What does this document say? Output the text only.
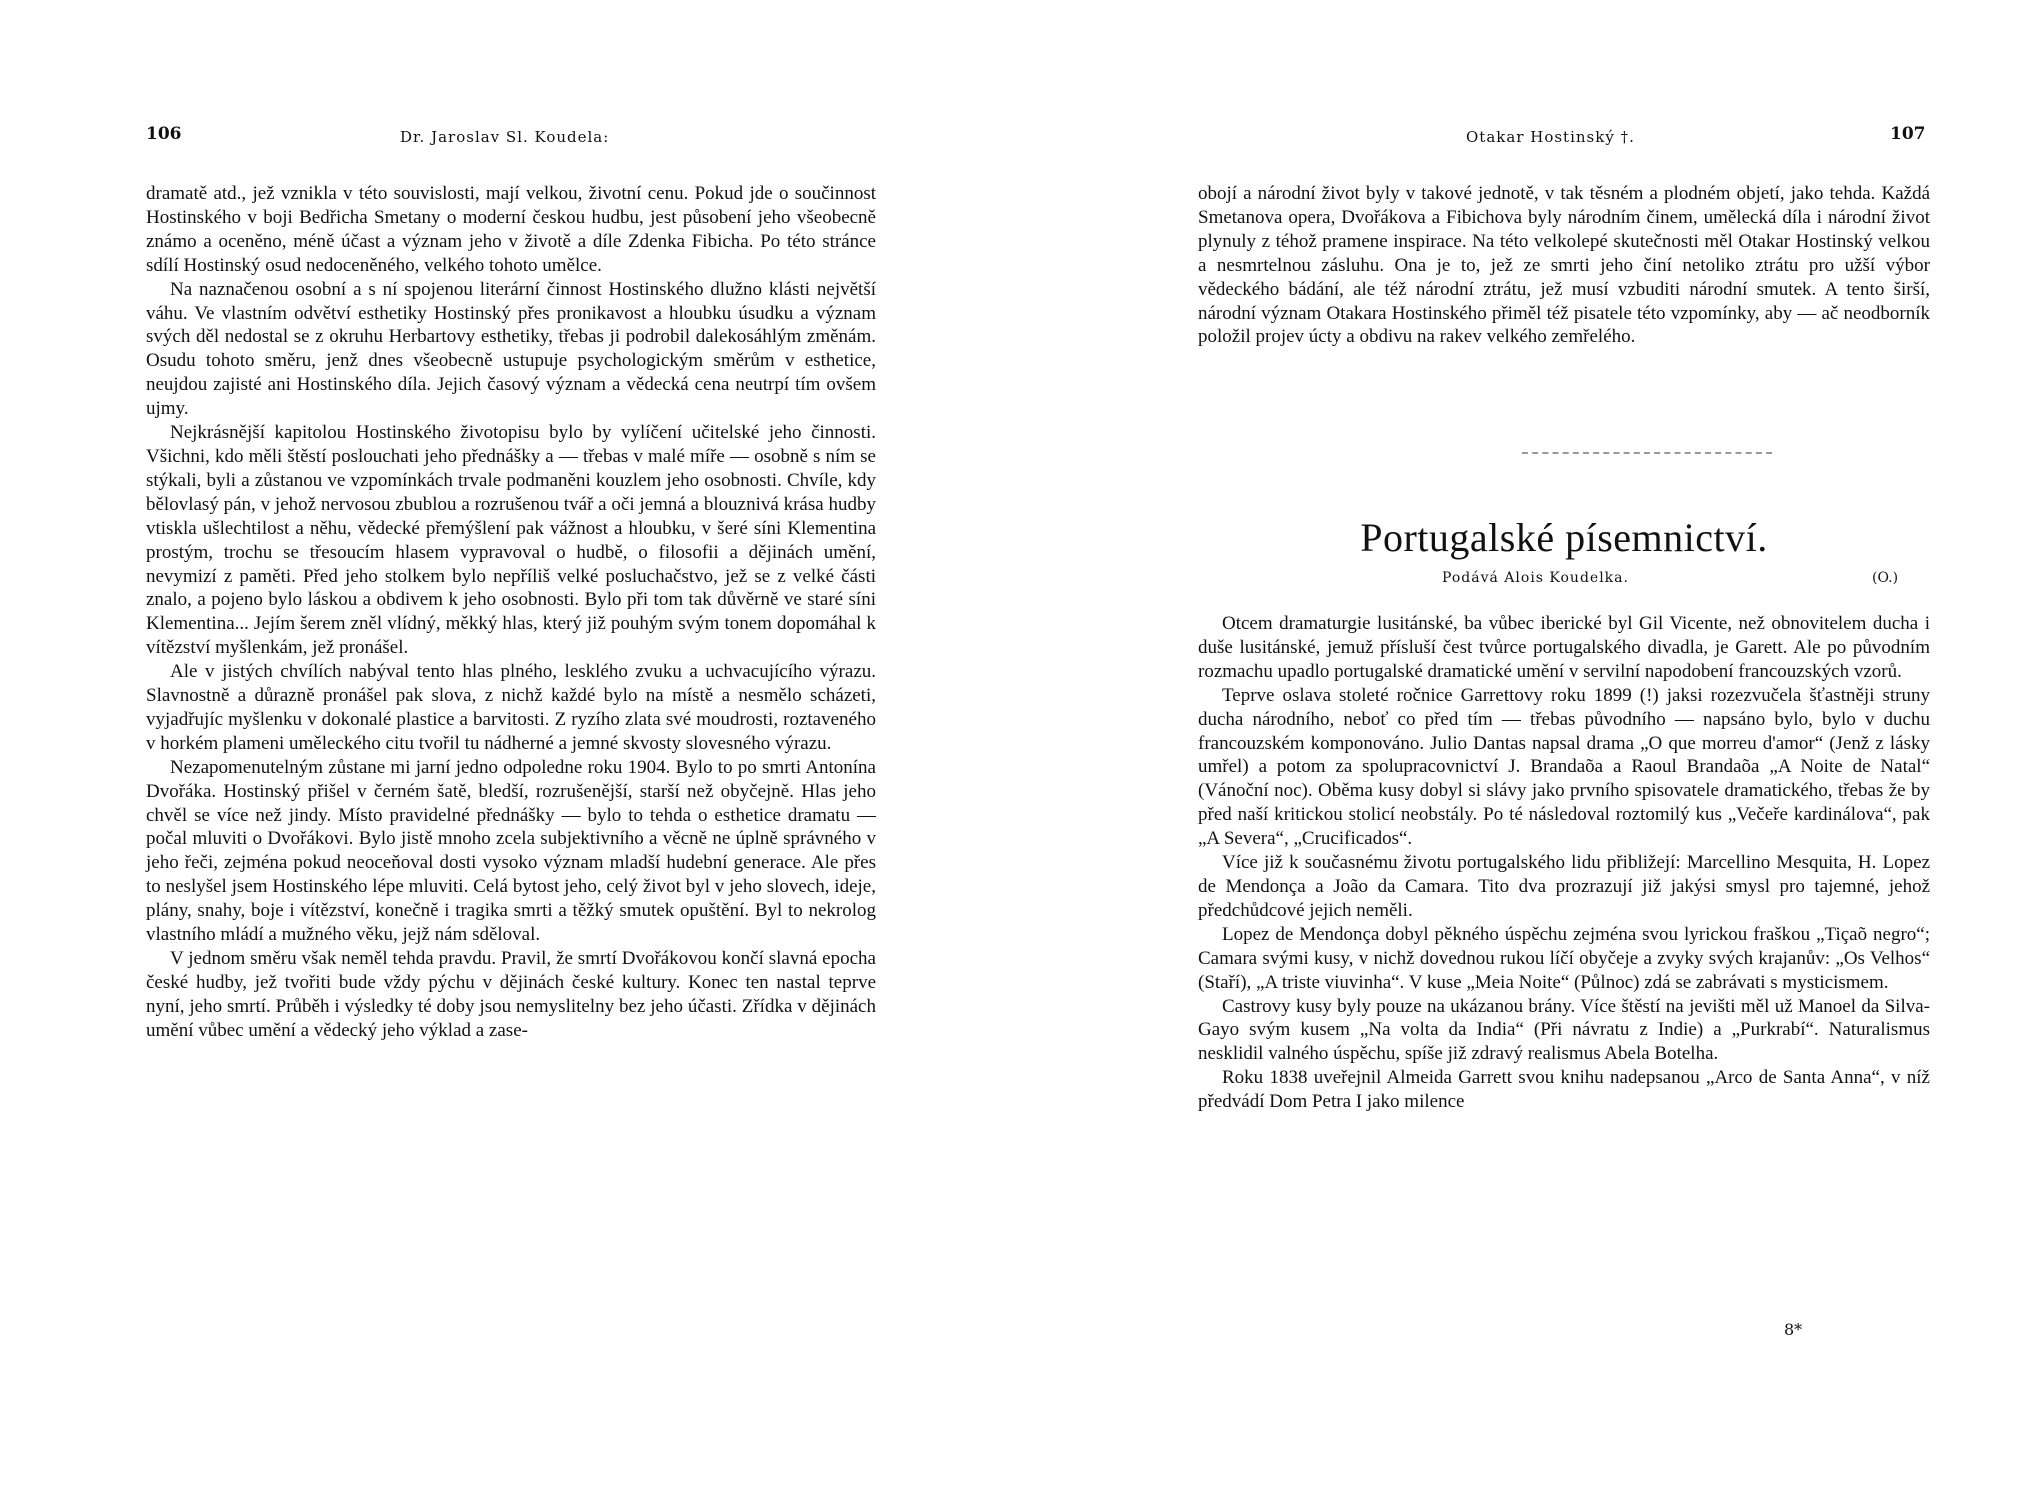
106	Dr. Jaroslav Sl. Koudela:

dramatě atd., jež vznikla v této souvislosti, mají velkou, životní cenu. Pokud jde o součinnost Hostinského v boji Bedřicha Smetany o moderní českou hudbu, jest působení jeho všeobecně známo a oceněno, méně účast a význam jeho v životě a díle Zdenka Fibicha. Po této stránce sdílí Hostinský osud nedoceněného, velkého tohoto umělce.

Na naznačenou osobní a s ní spojenou literární činnost Hostinského dlužno klásti největší váhu. Ve vlastním odvětví esthetiky Hostinský přes pronikavost a hloubku úsudku a význam svých děl nedostal se z okruhu Herbartovy esthetiky, třebas ji podrobil dalekosáhlým změnám. Osudu tohoto směru, jenž dnes všeobecně ustupuje psychologickým směrům v esthetice, neujdou zajisté ani Hostinského díla. Jejich časový význam a vědecká cena neutrpí tím ovšem ujmy.

Nejkrásnější kapitolou Hostinského životopisu bylo by vylíčení učitelské jeho činnosti. Všichni, kdo měli štěstí poslouchati jeho přednášky a — třebas v malé míře — osobně s ním se stýkali, byli a zůstanou ve vzpomínkách trvale podmaněni kouzlem jeho osobnosti. Chvíle, kdy bělovlasý pán, v jehož nervosou zbublou a rozrušenou tvář a oči jemná a blouznivá krása hudby vtiskla ušlechtilost a něhu, vědecké přemýšlení pak vážnost a hloubku, v šeré síni Klementina prostým, trochu se třesoucím hlasem vypravoval o hudbě, o filosofii a dějinách umění, nevymizí z paměti. Před jeho stolkem bylo nepříliš velké posluchačstvo, jež se z velké části znalo, a pojeno bylo láskou a obdivem k jeho osobnosti. Bylo při tom tak důvěrně ve staré síni Klementina... Jejím šerem zněl vlídný, měkký hlas, který již pouhým svým tonem dopomáhal k vítězství myšlenkám, jež pronášel.

Ale v jistých chvílích nabýval tento hlas plného, lesklého zvuku a uchvacujícího výrazu. Slavnostně a důrazně pronášel pak slova, z nichž každé bylo na místě a nesmělo scházeti, vyjadřujíc myšlenku v dokonalé plastice a barvitosti. Z ryzího zlata své moudrosti, roztaveného v horkém plameni uměleckého citu tvořil tu nádherné a jemné skvosty slovesného výrazu.

Nezapomenutelným zůstane mi jarní jedno odpoledne roku 1904. Bylo to po smrti Antonína Dvořáka. Hostinský přišel v černém šatě, bledší, rozrušenější, starší než obyčejně. Hlas jeho chvěl se více než jindy. Místo pravidelné přednášky — bylo to tehda o esthetice dramatu — počal mluviti o Dvořákovi. Bylo jistě mnoho zcela subjektivního a věcně ne úplně správného v jeho řeči, zejména pokud neoceňoval dosti vysoko význam mladší hudební generace. Ale přes to neslyšel jsem Hostinského lépe mluviti. Celá bytost jeho, celý život byl v jeho slovech, ideje, plány, snahy, boje i vítězství, konečně i tragika smrti a těžký smutek opuštění. Byl to nekrolog vlastního mládí a mužného věku, jejž nám sděloval.

V jednom směru však neměl tehda pravdu. Pravil, že smrtí Dvořákovou končí slavná epocha české hudby, jež tvořiti bude vždy pýchu v dějinách české kultury. Konec ten nastal teprve nyní, jeho smrtí. Průběh i výsledky té doby jsou nemyslitelny bez jeho účasti. Zřídka v dějinách umění vůbec umění a vědecký jeho výklad a zase-

Otakar Hostinský †.	107

obojí a národní život byly v takové jednotě, v tak těsném a plodném objetí, jako tehda. Každá Smetanova opera, Dvořákova a Fibichova byly národním činem, umělecká díla i národní život plynuly z téhož pramene inspirace. Na této velkolepé skutečnosti měl Otakar Hostinský velkou a nesmrtelnou zásluhu. Ona je to, jež ze smrti jeho činí netoliko ztrátu pro užší výbor vědeckého bádání, ale též národní ztrátu, jež musí vzbuditi národní smutek. A tento širší, národní význam Otakara Hostinského přiměl též pisatele této vzpomínky, aby — ač neodborník položil projev úcty a obdivu na rakev velkého zemřelého.

Portugalské písemnictví.
Podává Alois Koudelka.	(O.)

Otcem dramaturgie lusitánské, ba vůbec iberické byl Gil Vicente, než obnovitelem ducha i duše lusitánské, jemuž přísluší čest tvůrce portugalského divadla, je Garett. Ale po původním rozmachu upadlo portugalské dramatické umění v servilní napodobení francouzských vzorů.

Teprve oslava stoleté ročnice Garrettovy roku 1899 (!) jaksi rozezvučela šťastněji struny ducha národního, neboť co před tím — třebas původního — napsáno bylo, bylo v duchu francouzském komponováno. Julio Dantas napsal drama „O que morreu d'amor“ (Jenž z lásky umřel) a potom za spolupracovnictví J. Brandaõa a Raoul Brandaõa „A Noite de Natal“ (Vánoční noc). Oběma kusy dobyl si slávy jako prvního spisovatele dramatického, třebas že by před naší kritickou stolicí neobstály. Po té následoval roztomilý kus „Večeře kardinálova“, pak „A Severa“, „Crucificados“.

Více již k současnému životu portugalského lidu přibližejí: Marcellino Mesquita, H. Lopez de Mendonça a João da Camara. Tito dva prozrazují již jakýsi smysl pro tajemné, jehož předchůdcové jejich neměli.

Lopez de Mendonça dobyl pěkného úspěchu zejména svou lyrickou fraškou „Tiçaõ negro“; Camara svými kusy, v nichž dovednou rukou líčí obyčeje a zvyky svých krajanův: „Os Velhos“ (Staří), „A triste viuvinha“. V kuse „Meia Noite“ (Půlnoc) zdá se zabrávati s mysticismem.

Castrovy kusy byly pouze na ukázanou brány. Více štěstí na jevišti měl už Manoel da Silva-Gayo svým kusem „Na volta da India“ (Při návratu z Indie) a „Purkrabí“. Naturalismus nesklidil valného úspěchu, spíše již zdravý realismus Abela Botelha.

Roku 1838 uveřejnil Almeida Garrett svou knihu nadepsanou „Arco de Santa Anna“, v níž předvádí Dom Petra I jako milence

8*
